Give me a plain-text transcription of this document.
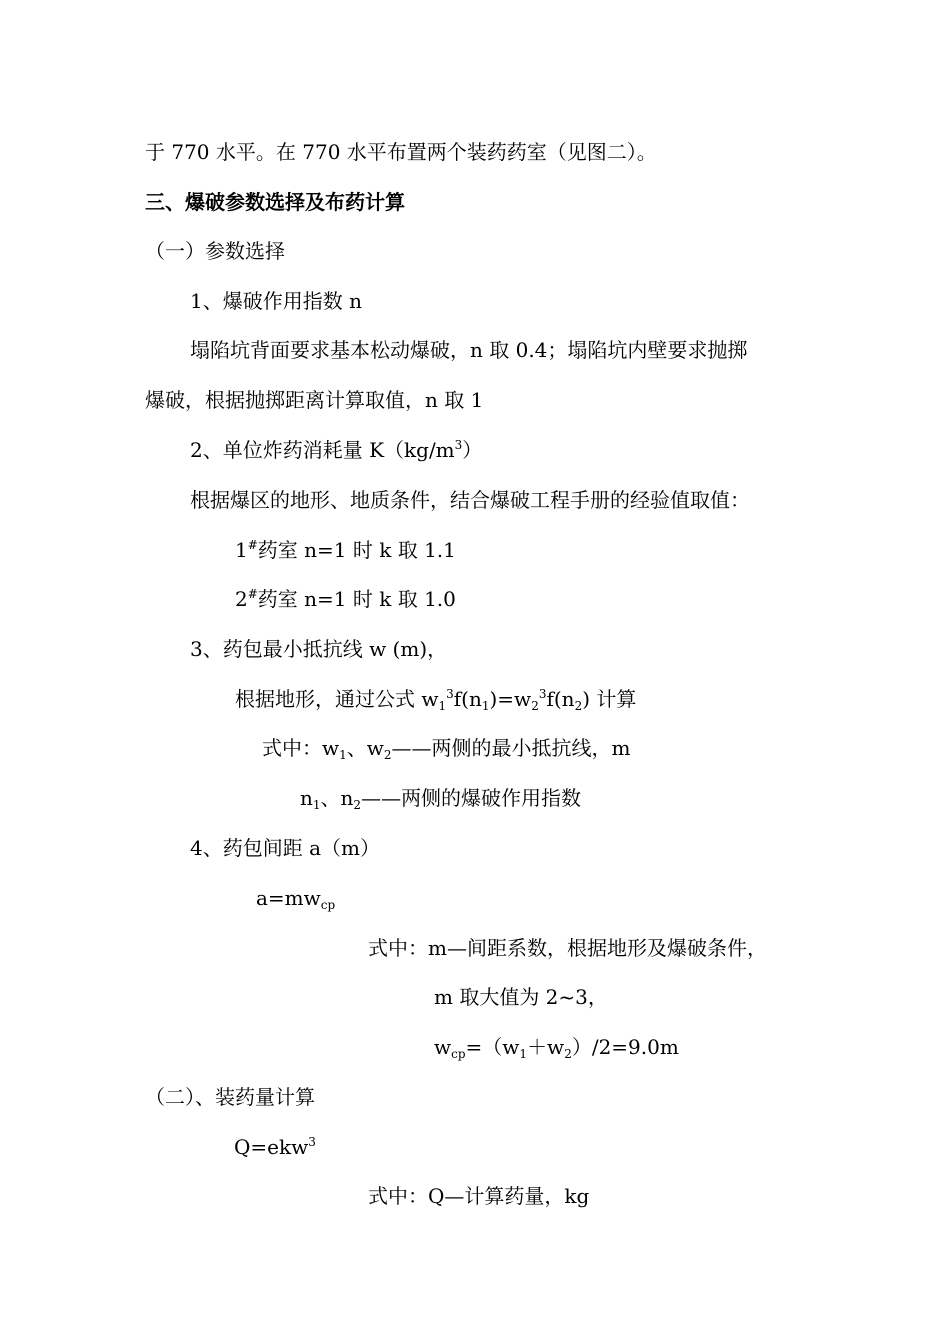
于 770 水平。在 770 水平布置两个装药药室（见图二）。
三、爆破参数选择及布药计算
（一）参数选择
1、爆破作用指数 n
塌陷坑背面要求基本松动爆破，n 取 0.4；塌陷坑内壁要求抛掷
爆破，根据抛掷距离计算取值，n 取 1
2、单位炸药消耗量 $K(kg/m^3)$
根据爆区的地形、地质条件，结合爆破工程手册的经验值取值：
1#药室 n=1 时 k 取 1.1
2#药室 n=1 时 k 取 1.0
3、药包最小抵抗线 w (m)，
根据地形，通过公式 $w_1^3f(n_1)=w_2^3f(n_2)$ 计算
式中：$w_1$、$w_2——$两侧的最小抵抗线，m
$n_1$、$n_2——$两侧的爆破作用指数
4、药包间距 a（m）
$a=mw_{cp}$
式中：m—间距系数，根据地形及爆破条件，
m 取大值为 2~3，
$w_{cp}=(w_1+w_2)/2=9.0m$
（二）、装药量计算
Q=ekw$^3$
式中：Q—计算药量，kg
